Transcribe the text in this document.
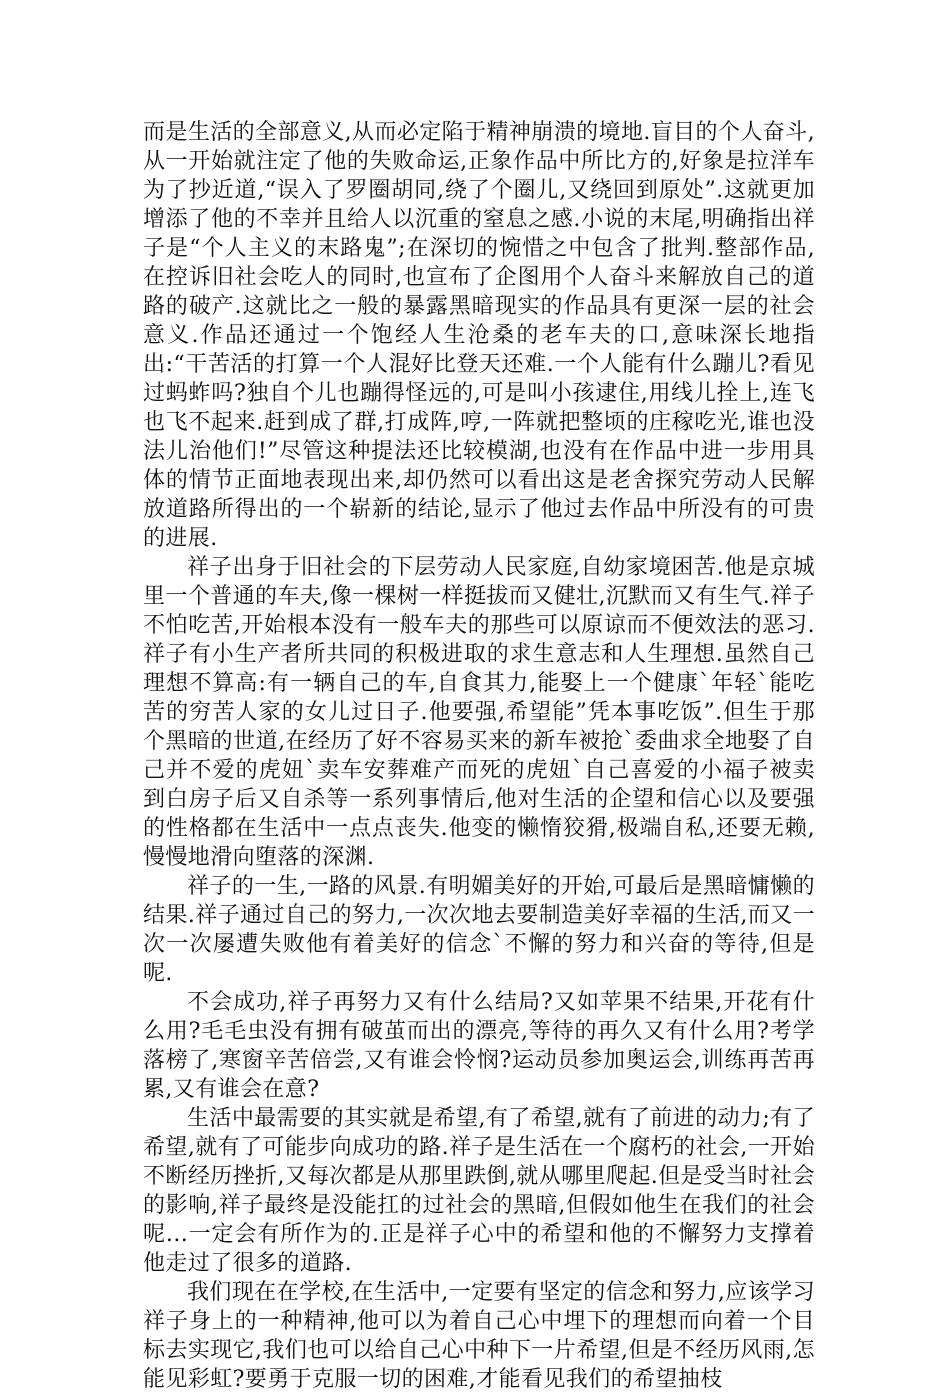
而是生活的全部意义,从而必定陷于精神崩溃的境地.盲目的个人奋斗,从一开始就注定了他的失败命运,正象作品中所比方的,好象是拉洋车为了抄近道,“误入了罗圈胡同,绕了个圈儿,又绕回到原处”.这就更加增添了他的不幸并且给人以沉重的窒息之感.小说的末尾,明确指出祥子是“个人主义的末路鬼”;在深切的惋惜之中包含了批判.整部作品,在控诉旧社会吃人的同时,也宣布了企图用个人奋斗来解放自己的道路的破产.这就比之一般的暴露黑暗现实的作品具有更深一层的社会意义.作品还通过一个饱经人生沧桑的老车夫的口,意味深长地指出:“干苦活的打算一个人混好比登天还难.一个人能有什么蹦儿?看见过蚂蚱吗?独自个儿也蹦得怪远的,可是叫小孩逮住,用线儿拴上,连飞也飞不起来.赶到成了群,打成阵,哼,一阵就把整顷的庄稼吃光,谁也没法儿治他们!”尽管这种提法还比较模湖,也没有在作品中进一步用具体的情节正面地表现出来,却仍然可以看出这是老舍探究劳动人民解放道路所得出的一个崭新的结论,显示了他过去作品中所没有的可贵的进展.

祥子出身于旧社会的下层劳动人民家庭,自幼家境困苦.他是京城里一个普通的车夫,像一棵树一样挺拔而又健壮,沉默而又有生气.祥子不怕吃苦,开始根本没有一般车夫的那些可以原谅而不便效法的恶习.祥子有小生产者所共同的积极进取的求生意志和人生理想.虽然自己理想不算高:有一辆自己的车,自食其力,能娶上一个健康`年轻`能吃苦的穷苦人家的女儿过日子.他要强,希望能”凭本事吃饭”.但生于那个黑暗的世道,在经历了好不容易买来的新车被抢`委曲求全地娶了自己并不爱的虎妞`卖车安葬难产而死的虎妞`自己喜爱的小福子被卖到白房子后又自杀等一系列事情后,他对生活的企望和信心以及要强的性格都在生活中一点点丧失.他变的懒惰狡猾,极端自私,还要无赖,慢慢地滑向堕落的深渊.

祥子的一生,一路的风景.有明媚美好的开始,可最后是黑暗慵懒的结果.祥子通过自己的努力,一次次地去要制造美好幸福的生活,而又一次一次屡遭失败他有着美好的信念`不懈的努力和兴奋的等待,但是呢.

不会成功,祥子再努力又有什么结局?又如苹果不结果,开花有什么用?毛毛虫没有拥有破茧而出的漂亮,等待的再久又有什么用?考学落榜了,寒窗辛苦倍尝,又有谁会怜悯?运动员参加奥运会,训练再苦再累,又有谁会在意?

生活中最需要的其实就是希望,有了希望,就有了前进的动力;有了希望,就有了可能步向成功的路.祥子是生活在一个腐朽的社会,一开始不断经历挫折,又每次都是从那里跌倒,就从哪里爬起.但是受当时社会的影响,祥子最终是没能扛的过社会的黑暗,但假如他生在我们的社会呢...一定会有所作为的.正是祥子心中的希望和他的不懈努力支撑着他走过了很多的道路.

我们现在在学校,在生活中,一定要有坚定的信念和努力,应该学习祥子身上的一种精神,他可以为着自己心中埋下的理想而向着一个目标去实现它,我们也可以给自己心中种下一片希望,但是不经历风雨,怎能见彩虹?要勇于克服一切的困难,才能看见我们的希望抽枝
